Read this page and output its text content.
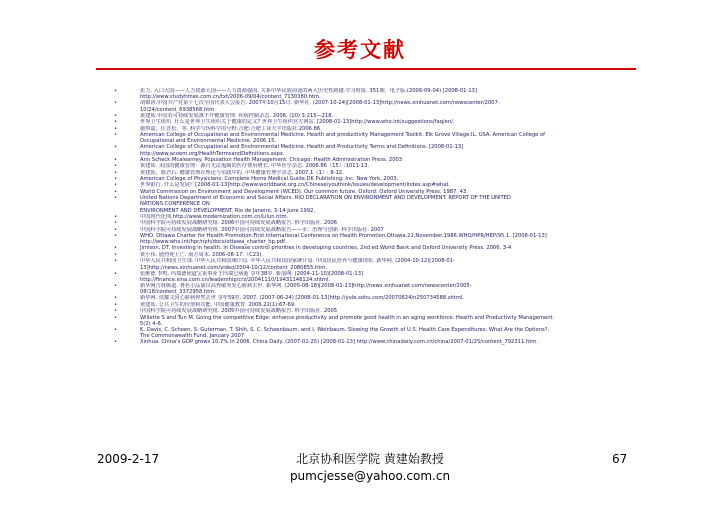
参考文献
• 张力. 入口大国——人力资源大国——人力资源强国. 关系中华民族前途的两大历史性跨越.学习时报. 351期，电子版.(2006-09-04) [2008-01-13]
http://www.studytimes.com.cn/txt/2006-09/04/content_7130380.htm.
• 胡锦涛.中国共产党第十七次全国代表大会报告. 2007年10月15日. 新华社. (2007-10-24)[2008-01-13]http://news.xinhuanet.com/newscenter/2007-
10/24/content_6938568.htm
• 黄建始.中国若可持续发展离不开健康管理. 疾病控制杂志. 2006, (10) 3:215—218.
• 世界卫生组织. 什么是世界卫生组织关于健康的定义? 世界卫生组织官方网站. [2008-01-13]http://www.who.int/suggestions/faq/en/.
• 施琪嘉，任晋松，等. 科学与伪科学的分野.合肥:合肥工业大学出版社.2006.86.
• American College of Occupational and Environmental Medicine. Health and productivity Management Toolkit. Elk Grove Village.IL. USA. American College of
Occupational and Environmental Medicine. 2006.15.
• American College of Occupational and Environmental Medicine. Health and Productivity Terms and Definitions. [2008-01-13]
http://www.acoem.org/HealthTermsandDefinitions.aspx.
• Ann Scheck Mcalearney. Population Health Management. Chicago: Health Administration Press. 2003
• 黄建始. 美国的健康管理：源自无法遏制的医疗费用增长. 中华医学杂志. 2006.86（15）:1011-13.
• 黄建始，陈君石. 健康管理在理论与实践中的. 中华健康管理学杂志. 2007,1（1）: 8-12.
• American College of Physicians: Complete Home Medical Guide.DK Publishing, Inc. New York, 2003.
• 世界银行. 什么是发展？[2008-01-13]http://www.worldbank.org.cn/Chinese/youthink/issues/development/index.asp#what.
• World Commission on Environment and Development (WCED). Our common future. Oxford: Oxford University Press. 1987. 43.
• United Nations Department of Economic and Social Affairs. RIO DECLARATION ON ENVIRONMENT AND DEVELOPMENT. REPORT OF THE UNITED
NATIONS CONFERENCE ON
ENVIRONMENT AND DEVELOPMENT. Rio de Janeiro. 3-14 June 1992.
• 中国现代化网.http://www.modernization.com.cn/Lilun.htm.
• 中国科学院可持续发展战略研究组. 2006中国可持续发展战略报告. 科学出版社. 2006
• 中国科学院可持续发展战略研究组. 2007中国可持续发展战略报告——水：治理与创新. 科学出版社. 2007
• WHO. Ottawa Charter for Health Promotion.First International Conference on Health Promotion.Ottawa.21,November.1986.WHO/HPR/HEP/95.1. [2008-01-13]
http://www.who.int/hpr/nph/docs/ottawa_charter_hp.pdf.
• Jimison, DT. Investing in health. in Disease control priorities in developing countries, 2nd ed.World Bank and Oxford University Press. 2006. 3-4
• 黄小伟. 剧烈死上亡. 南方周末. 2006-08-17.（C23).
• 中华人民共和国卫生部. 中华人民共和国统计局. 中华人民共和国国家统计局. 中国居民营养与健康现状. 新华网. (2004-10-12)[2008-01-
13]http://news.xinhuanet.com/video/2004-10/12/content_2080855.htm.
• 张维德 李鸣. 玛瑞德团道宝重事业王玛瑞已病逝 享年38岁. 新浪网. (2004-11-10)[2008-01-13]
http://finance.sina.com.cn/leadership/crz/20041110/19431146124.shtml.
• 新华网吉林频道. 著名小品演员高秀敏突发心脏病去世. 新华网. (2005-08-18)[2008-01-13]http://news.xinhuanet.com/newscenter/2005-
08/18/content_3372958.htm.
• 新华网. 侯耀文因心脏病猝然去世 享年59岁. 2007. (2007-06-24) [2008-01-13]http://yule.sohu.com/20070624/n250734588.shtml.
• 黄建始. 公共卫生的价值和功能. 中国健康教育. 2006.22(1):67-69.
• 中国科学院可持续发展战略研究组. 2005中国可持续发展战略报告. 科学出版社. 2005
• Willette S and Tun M. Going the competitive Edge: enhance productivity and promote good health in an aging workforce. Health and Productivity Management.
5(2) 4-6.
• K. Davis, C. Schoen, S. Guterman, T. Shih, S. C. Schoenbaum, and I. Weinbaum. Slowing the Growth of U.S. Health Care Expenditures: What Are the Options?,
The Commonwealth Fund, January 2007
• Xinhua. China's GDP grows 10.7% in 2006. China Daily. (2007-01-25) [2008-01-13] http://www.chinadaily.com.cn/china/2007-01/25/content_792311.htm.
2009-2-17	北京协和医学院 黄建始教授
pumcjesse@yahoo.com.cn
67
